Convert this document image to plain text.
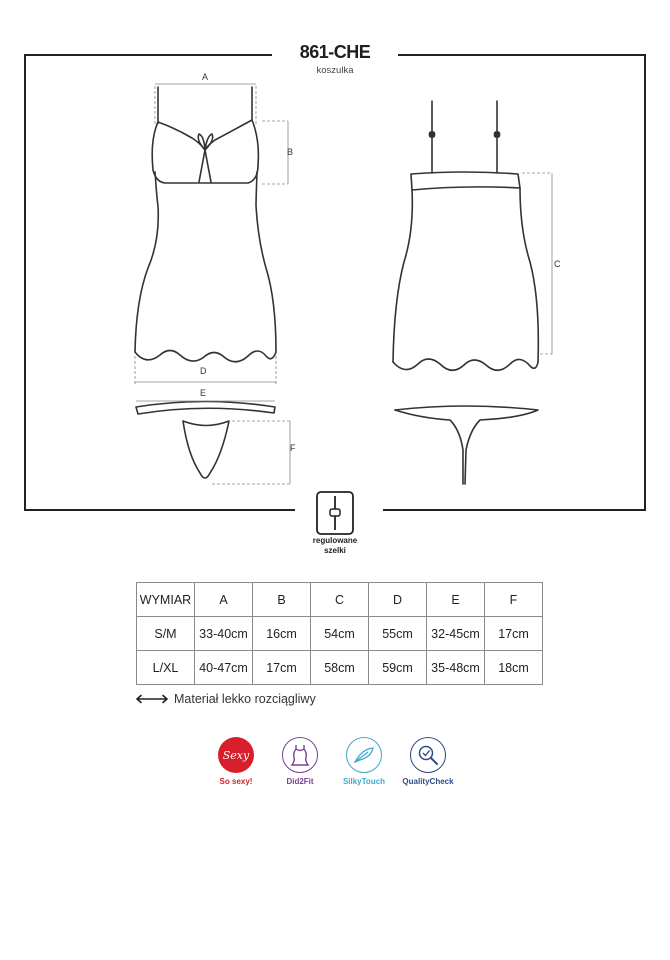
861-CHE
koszulka
A
B
C
D
E
F
regulowane
szelki
WYMIAR	A	B	C	D	E	F
S/M	33-40cm	16cm	54cm	55cm	32-45cm	17cm
L/XL	40-47cm	17cm	58cm	59cm	35-48cm	18cm
Materiał lekko rozciągliwy
Sexy
So sexy!	Did2Fit	SilkyTouch	QualityCheck
